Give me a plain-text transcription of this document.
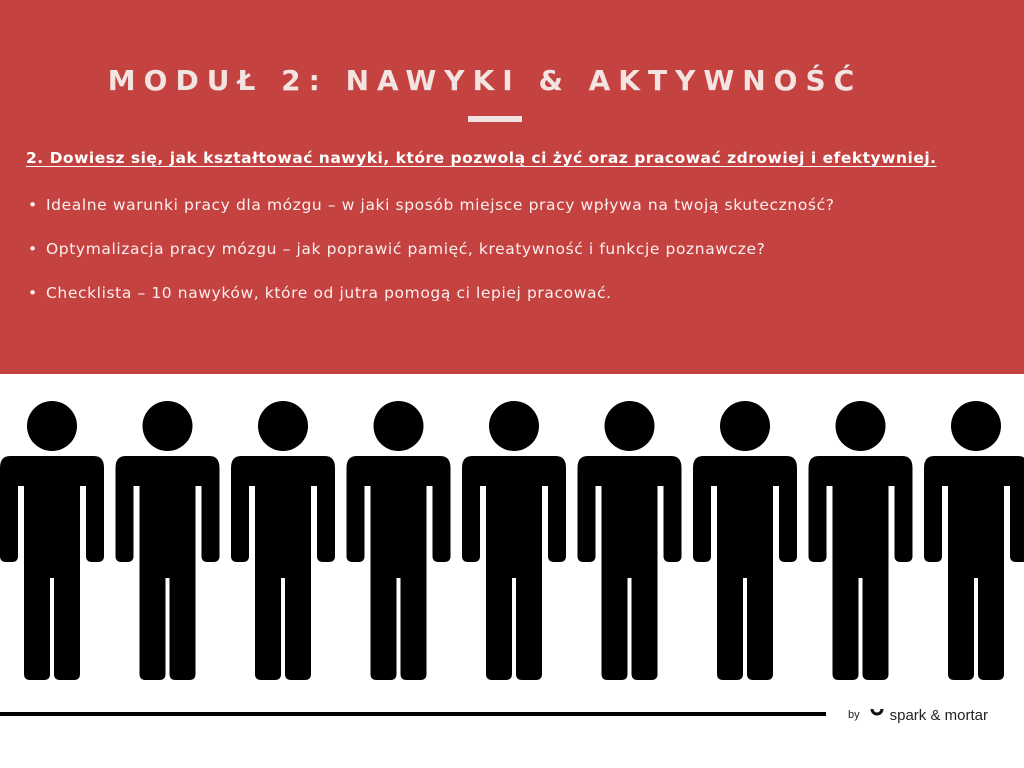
MODUŁ 2: NAWYKI & AKTYWNOŚĆ
2. Dowiesz się, jak kształtować nawyki, które pozwolą ci żyć oraz pracować zdrowiej i efektywniej.
• Idealne warunki pracy dla mózgu – w jaki sposób miejsce pracy wpływa na twoją skuteczność?
• Optymalizacja pracy mózgu – jak poprawić pamięć, kreatywność i funkcje poznawcze?
• Checklista – 10 nawyków, które od jutra pomogą ci lepiej pracować.
by spark & mortar
